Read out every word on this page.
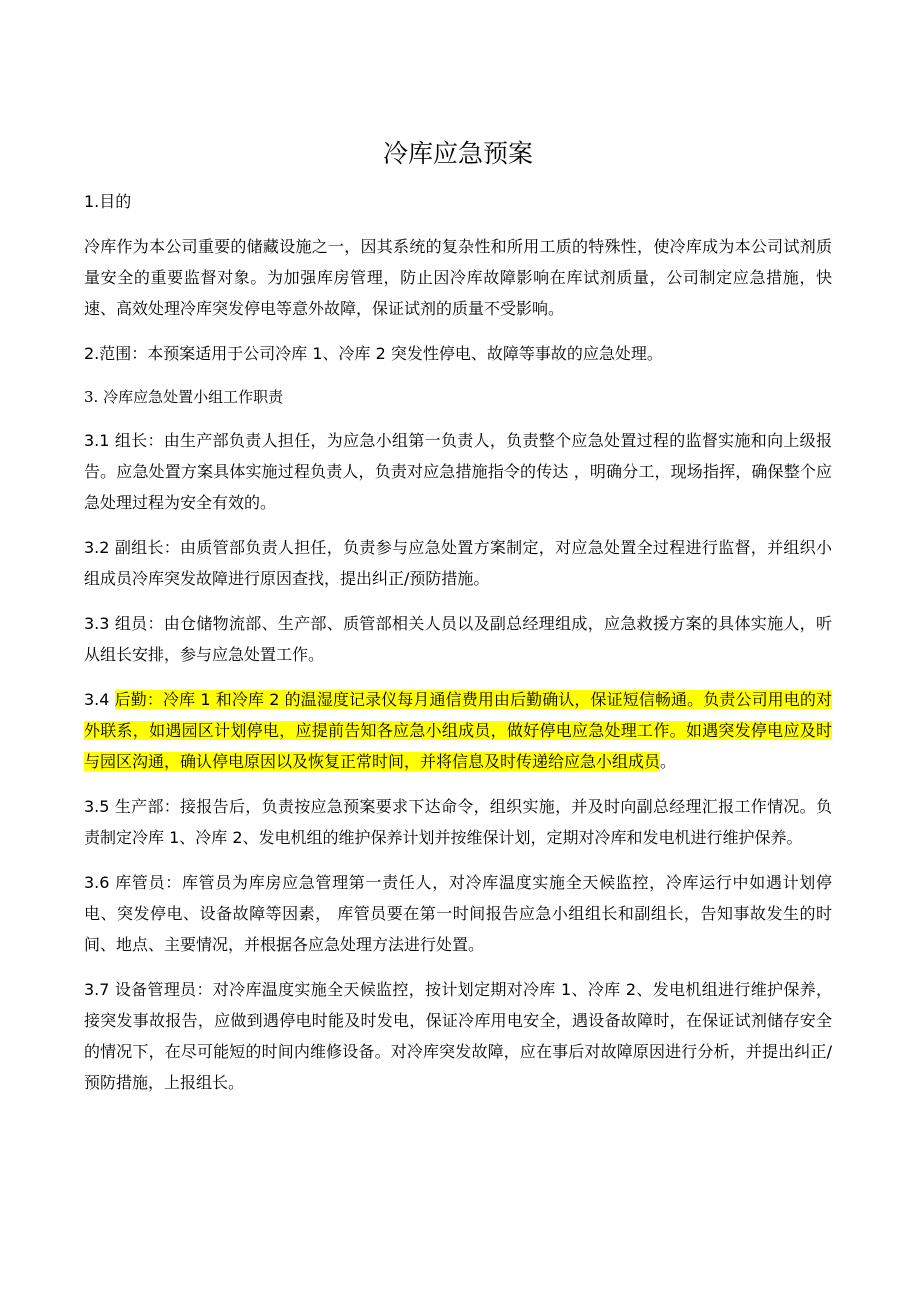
冷库应急预案

1.目的

冷库作为本公司重要的储藏设施之一，因其系统的复杂性和所用工质的特殊性，使冷库成为本公司试剂质量安全的重要监督对象。为加强库房管理，防止因冷库故障影响在库试剂质量，公司制定应急措施，快速、高效处理冷库突发停电等意外故障，保证试剂的质量不受影响。

2.范围：本预案适用于公司冷库 1、冷库 2 突发性停电、故障等事故的应急处理。

3. 冷库应急处置小组工作职责

3.1 组长：由生产部负责人担任，为应急小组第一负责人，负责整个应急处置过程的监督实施和向上级报告。应急处置方案具体实施过程负责人，负责对应急措施指令的传达 ，明确分工，现场指挥，确保整个应急处理过程为安全有效的。

3.2 副组长：由质管部负责人担任，负责参与应急处置方案制定，对应急处置全过程进行监督，并组织小组成员冷库突发故障进行原因查找，提出纠正/预防措施。

3.3 组员：由仓储物流部、生产部、质管部相关人员以及副总经理组成，应急救援方案的具体实施人，听从组长安排，参与应急处置工作。

3.4 后勤：冷库 1 和冷库 2 的温湿度记录仪每月通信费用由后勤确认，保证短信畅通。负责公司用电的对外联系，如遇园区计划停电，应提前告知各应急小组成员，做好停电应急处理工作。如遇突发停电应及时与园区沟通，确认停电原因以及恢复正常时间，并将信息及时传递给应急小组成员。

3.5 生产部：接报告后，负责按应急预案要求下达命令，组织实施，并及时向副总经理汇报工作情况。负责制定冷库 1、冷库 2、发电机组的维护保养计划并按维保计划，定期对冷库和发电机进行维护保养。

3.6 库管员：库管员为库房应急管理第一责任人，对冷库温度实施全天候监控，冷库运行中如遇计划停电、突发停电、设备故障等因素， 库管员要在第一时间报告应急小组组长和副组长，告知事故发生的时间、地点、主要情况，并根据各应急处理方法进行处置。

3.7 设备管理员：对冷库温度实施全天候监控，按计划定期对冷库 1、冷库 2、发电机组进行维护保养，接突发事故报告，应做到遇停电时能及时发电，保证冷库用电安全，遇设备故障时，在保证试剂储存安全的情况下，在尽可能短的时间内维修设备。对冷库突发故障，应在事后对故障原因进行分析，并提出纠正/预防措施，上报组长。
